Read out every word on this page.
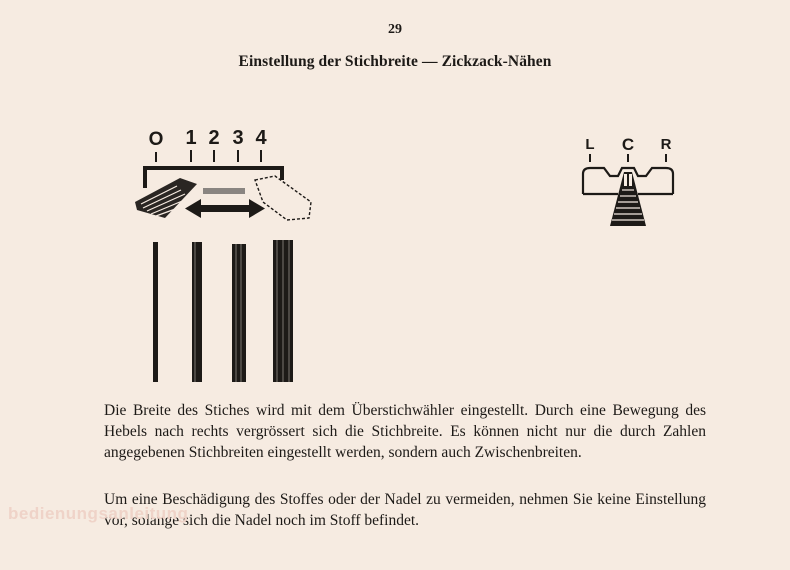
29
Einstellung der Stichbreite — Zickzack-Nähen
O 1 2 3 4	L C R

Die Breite des Stiches wird mit dem Überstichwähler eingestellt. Durch eine Bewegung des Hebels nach rechts vergrössert sich die Stichbreite. Es können nicht nur die durch Zahlen angegebenen Stichbreiten eingestellt werden, sondern auch Zwischenbreiten.

Um eine Beschädigung des Stoffes oder der Nadel zu vermeiden, nehmen Sie keine Einstellung vor, solange sich die Nadel noch im Stoff befindet.

bedienungsanleitung
